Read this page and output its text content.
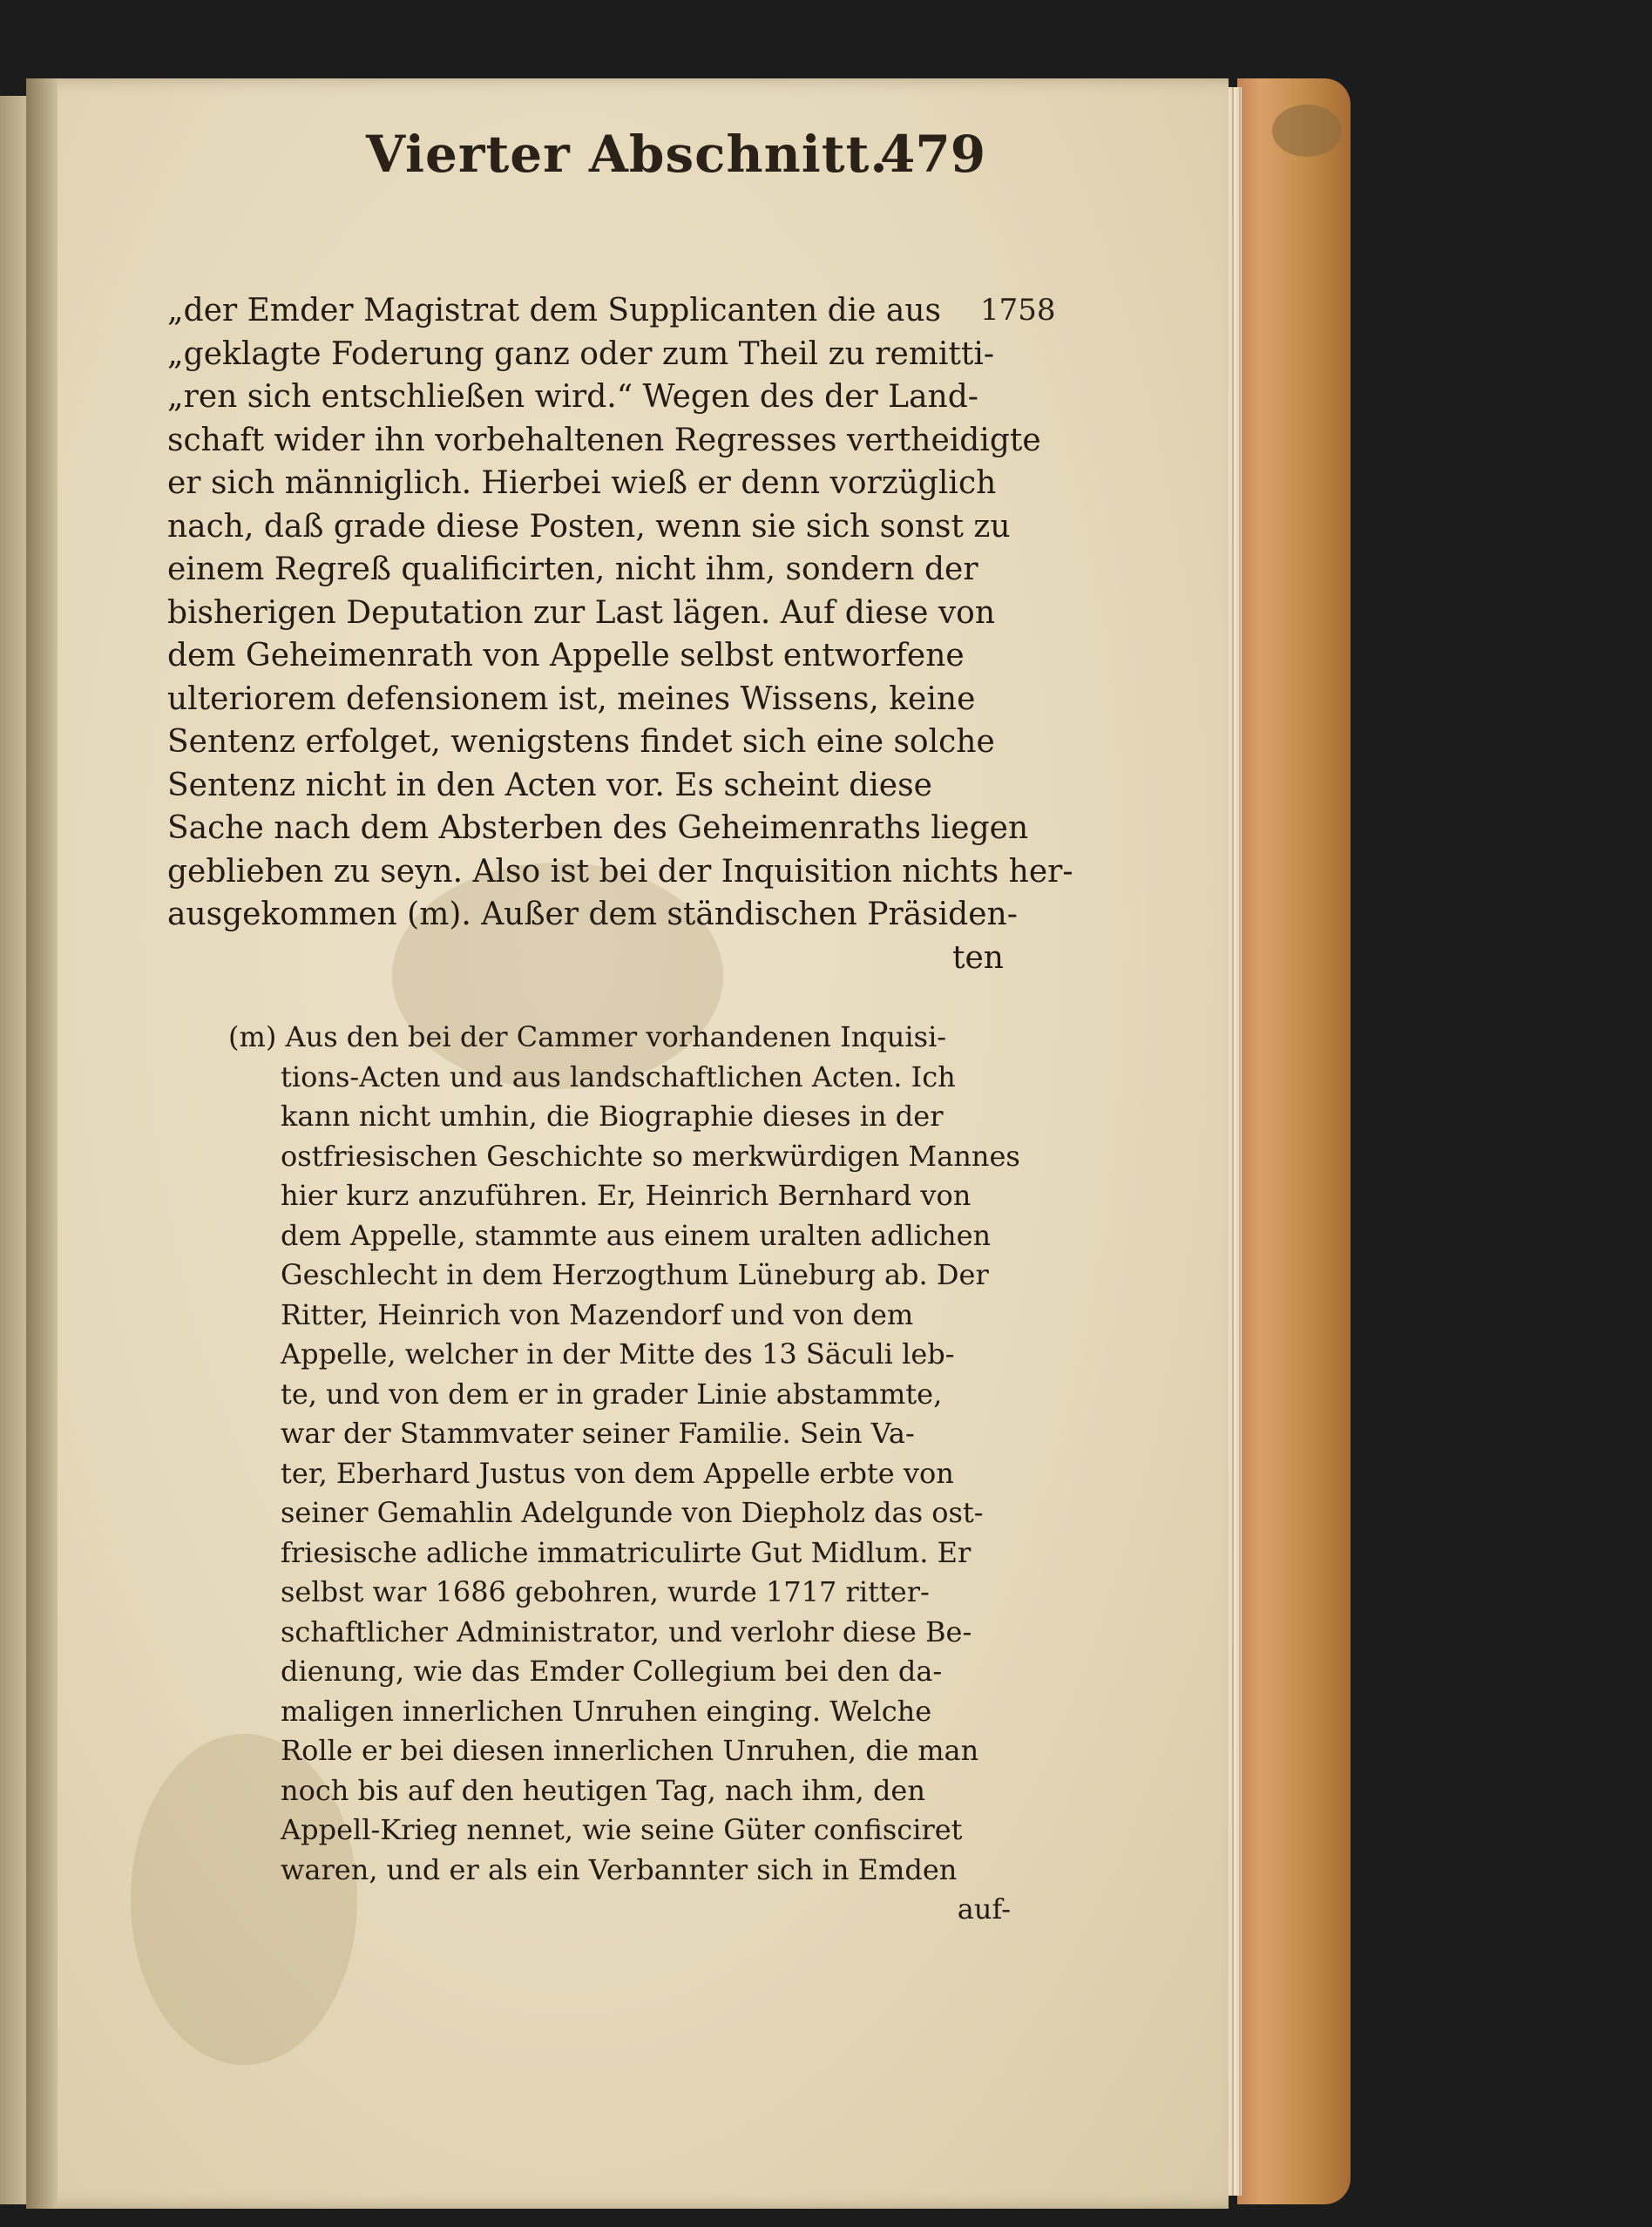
Vierter Abschnitt.
479
1758
„der Emder Magistrat dem Supplicanten die aus
„geklagte Foderung ganz oder zum Theil zu remitti-
„ren sich entschließen wird.“ Wegen des der Land-
schaft wider ihn vorbehaltenen Regresses vertheidigte
er sich männiglich. Hierbei wieß er denn vorzüglich
nach, daß grade diese Posten, wenn sie sich sonst zu
einem Regreß qualificirten, nicht ihm, sondern der
bisherigen Deputation zur Last lägen. Auf diese von
dem Geheimenrath von Appelle selbst entworfene
ulteriorem defensionem ist, meines Wissens, keine
Sentenz erfolget, wenigstens findet sich eine solche
Sentenz nicht in den Acten vor. Es scheint diese
Sache nach dem Absterben des Geheimenraths liegen
geblieben zu seyn. Also ist bei der Inquisition nichts her-
ausgekommen (m). Außer dem ständischen Präsiden-
ten
(m) Aus den bei der Cammer vorhandenen Inquisi-
tions-Acten und aus landschaftlichen Acten. Ich
kann nicht umhin, die Biographie dieses in der
ostfriesischen Geschichte so merkwürdigen Mannes
hier kurz anzuführen. Er, Heinrich Bernhard von
dem Appelle, stammte aus einem uralten adlichen
Geschlecht in dem Herzogthum Lüneburg ab. Der
Ritter, Heinrich von Mazendorf und von dem
Appelle, welcher in der Mitte des 13 Säculi leb-
te, und von dem er in grader Linie abstammte,
war der Stammvater seiner Familie. Sein Va-
ter, Eberhard Justus von dem Appelle erbte von
seiner Gemahlin Adelgunde von Diepholz das ost-
friesische adliche immatriculirte Gut Midlum. Er
selbst war 1686 gebohren, wurde 1717 ritter-
schaftlicher Administrator, und verlohr diese Be-
dienung, wie das Emder Collegium bei den da-
maligen innerlichen Unruhen einging. Welche
Rolle er bei diesen innerlichen Unruhen, die man
noch bis auf den heutigen Tag, nach ihm, den
Appell-Krieg nennet, wie seine Güter confisciret
waren, und er als ein Verbannter sich in Emden
auf-
